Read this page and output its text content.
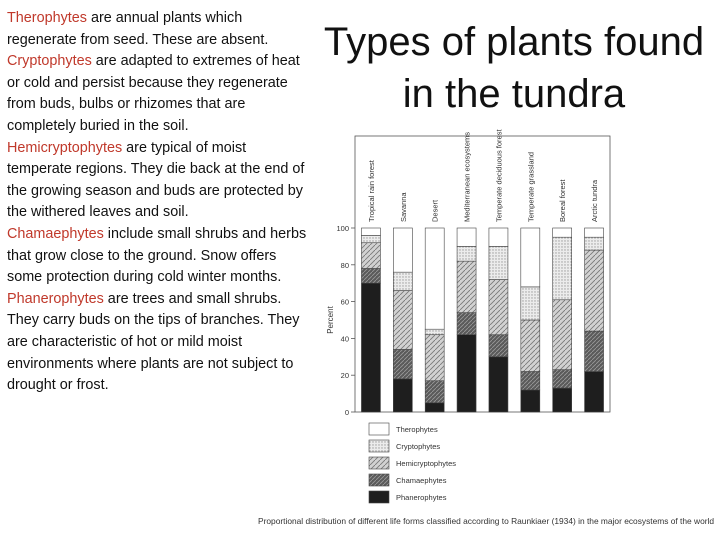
Therophytes are annual plants which regenerate from seed. These are absent.

Cryptophytes are adapted to extremes of heat or cold and persist because they regenerate from buds, bulbs or rhizomes that are completely buried in the soil.

Hemicryptophytes are typical of moist temperate regions. They die back at the end of the growing season and buds are protected by the withered leaves and soil.

Chamaephytes include small shrubs and herbs that grow close to the ground. Snow offers some protection during cold winter months.

Phanerophytes are trees and small shrubs. They carry buds on the tips of branches. They are characteristic of hot or mild moist environments where plants are not subject to drought or frost.

Types of plants found in the tundra
0
20
40
60
80
100
Percent
Tropical rain forest	Savanna	Desert	Mediterranean ecosystems	Temperate deciduous forest	Temperate grassland	Boreal forest	Arctic tundra
Therophytes
Cryptophytes
Hemicryptophytes
Chamaephytes
Phanerophytes
Proportional distribution of different life forms classified according to Raunkiaer (1934) in the major ecosystems of the world
